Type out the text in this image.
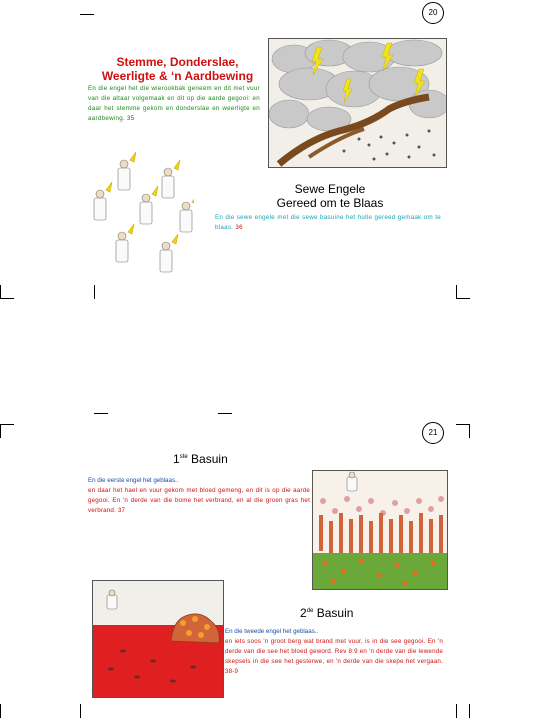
20
Stemme, Donderslae,
Weerligte & ‘n Aardbewing
En die engel het die wierookbak geneem en dit met vuur van die altaar volgemaak en dit op die aarde gegooi: en daar het stemme gekom en donderslae en weerligte en aardbewing. 35
Sewe Engele
Gereed om te Blaas
En die sewe engele met die sewe basuine het hulle gereed gemaak om te blaas. 36
21
1ste Basuin
En die eerste engel het geblaas..
en daar het hael en vuur gekom met bloed gemeng, en dit is op die aarde gegooi. En 'n derde van die bome het verbrand, en al die groen gras het verbrand. 37
2de Basuin
En die tweede engel het geblaas..
en iets soos 'n groot berg wat brand met vuur, is in die see gegooi. En 'n derde van die see het bloed geword. Rev 8:9 en 'n derde van die lewende skepsels in die see het gesterwe, en 'n derde van die skepe het vergaan. 38-9
